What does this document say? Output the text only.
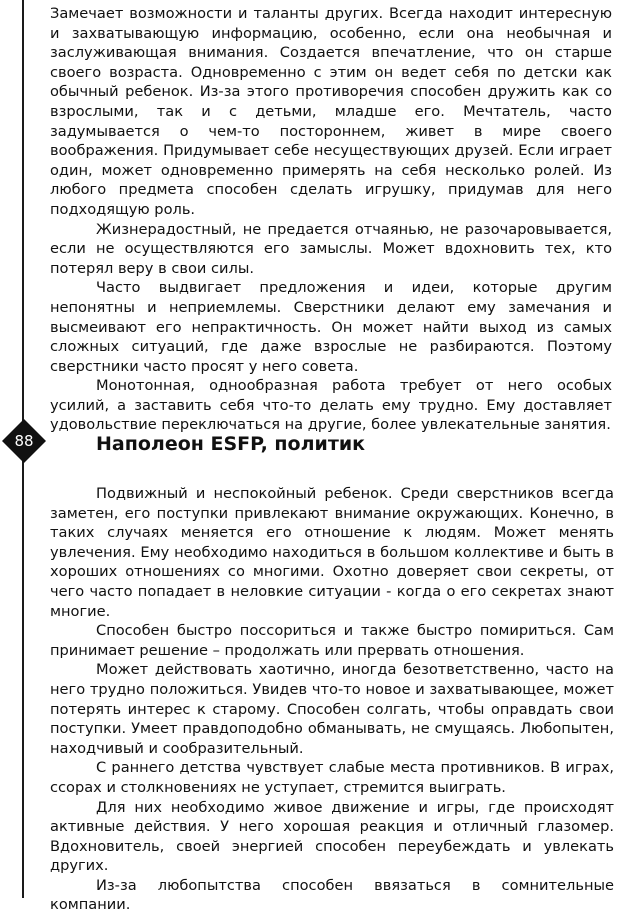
88

Замечает возможности и таланты других. Всегда находит интересную и захватывающую информацию, особенно, если она необычная и заслуживающая внимания. Создается впечатление, что он старше своего возраста. Одновременно с этим он ведет себя по детски как обычный ребенок. Из-за этого противоречия способен дружить как со взрослыми, так и с детьми, младше его. Мечтатель, часто задумывается о чем-то постороннем, живет в мире своего воображения. Придумывает себе несуществующих друзей. Если играет один, может одновременно примерять на себя несколько ролей. Из любого предмета способен сделать игрушку, придумав для него подходящую роль.

Жизнерадостный, не предается отчаянью, не разочаровывается, если не осуществляются его замыслы. Может вдохновить тех, кто потерял веру в свои силы.

Часто выдвигает предложения и идеи, которые другим непонятны и неприемлемы. Сверстники делают ему замечания и высмеивают его непрактичность. Он может найти выход из самых сложных ситуаций, где даже взрослые не разбираются. Поэтому сверстники часто просят у него совета.

Монотонная, однообразная работа требует от него особых усилий, а заставить себя что-то делать ему трудно. Ему доставляет удовольствие переключаться на другие, более увлекательные занятия.

Наполеон ESFP, политик

Подвижный и неспокойный ребенок. Среди сверстников всегда заметен, его поступки привлекают внимание окружающих. Конечно, в таких случаях меняется его отношение к людям. Может менять увлечения. Ему необходимо находиться в большом коллективе и быть в хороших отношениях со многими. Охотно доверяет свои секреты, от чего часто попадает в неловкие ситуации - когда о его секретах знают многие.

Способен быстро поссориться и также быстро помириться. Сам принимает решение – продолжать или прервать отношения.

Может действовать хаотично, иногда безответственно, часто на него трудно положиться. Увидев что-то новое и захватывающее, может потерять интерес к старому. Способен солгать, чтобы оправдать свои поступки. Умеет правдоподобно обманывать, не смущаясь. Любопытен, находчивый и сообразительный.

С раннего детства чувствует слабые места противников. В играх, ссорах и столкновениях не уступает, стремится выиграть.

Для них необходимо живое движение и игры, где происходят активные действия. У него хорошая реакция и отличный глазомер. Вдохновитель, своей энергией способен переубеждать и увлекать других.

Из-за любопытства способен ввязаться в сомнительные компании.
